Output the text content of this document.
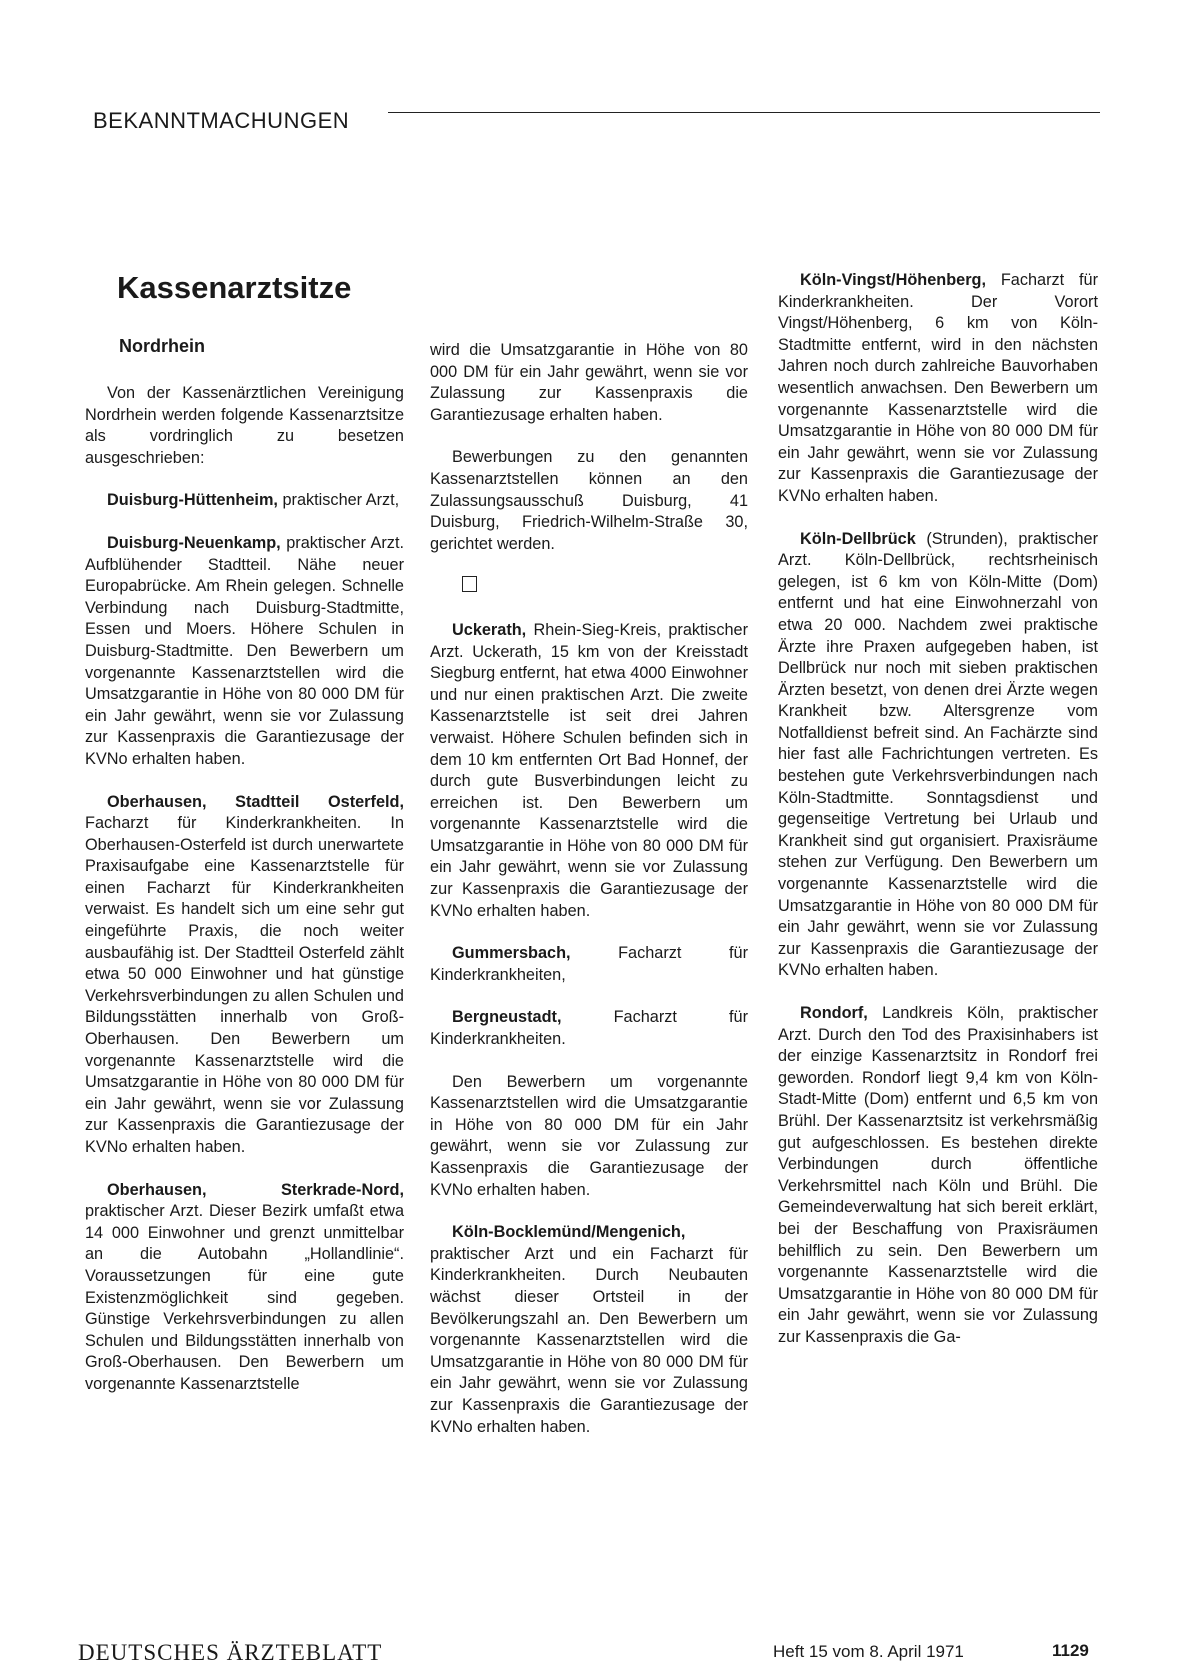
BEKANNTMACHUNGEN
Kassenarztsitze
Nordrhein

Von der Kassenärztlichen Vereinigung Nordrhein werden folgende Kassenarztsitze als vordringlich zu besetzen ausgeschrieben:

Duisburg-Hüttenheim, praktischer Arzt,

Duisburg-Neuenkamp, praktischer Arzt. Aufblühender Stadtteil. Nähe neuer Europabrücke. Am Rhein gelegen. Schnelle Verbindung nach Duisburg-Stadtmitte, Essen und Moers. Höhere Schulen in Duisburg-Stadtmitte. Den Bewerbern um vorgenannte Kassenarztstellen wird die Umsatzgarantie in Höhe von 80 000 DM für ein Jahr gewährt, wenn sie vor Zulassung zur Kassenpraxis die Garantiezusage der KVNo erhalten haben.

Oberhausen, Stadtteil Osterfeld, Facharzt für Kinderkrankheiten. In Oberhausen-Osterfeld ist durch unerwartete Praxisaufgabe eine Kassenarztstelle für einen Facharzt für Kinderkrankheiten verwaist. Es handelt sich um eine sehr gut eingeführte Praxis, die noch weiter ausbaufähig ist. Der Stadtteil Osterfeld zählt etwa 50 000 Einwohner und hat günstige Verkehrsverbindungen zu allen Schulen und Bildungsstätten innerhalb von Groß-Oberhausen. Den Bewerbern um vorgenannte Kassenarztstelle wird die Umsatzgarantie in Höhe von 80 000 DM für ein Jahr gewährt, wenn sie vor Zulassung zur Kassenpraxis die Garantiezusage der KVNo erhalten haben.

Oberhausen, Sterkrade-Nord, praktischer Arzt. Dieser Bezirk umfaßt etwa 14 000 Einwohner und grenzt unmittelbar an die Autobahn „Hollandlinie“. Voraussetzungen für eine gute Existenzmöglichkeit sind gegeben. Günstige Verkehrsverbindungen zu allen Schulen und Bildungsstätten innerhalb von Groß-Oberhausen. Den Bewerbern um vorgenannte Kassenarztstelle

wird die Umsatzgarantie in Höhe von 80 000 DM für ein Jahr gewährt, wenn sie vor Zulassung zur Kassenpraxis die Garantiezusage erhalten haben.

Bewerbungen zu den genannten Kassenarztstellen können an den Zulassungsausschuß Duisburg, 41 Duisburg, Friedrich-Wilhelm-Straße 30, gerichtet werden.

Uckerath, Rhein-Sieg-Kreis, praktischer Arzt. Uckerath, 15 km von der Kreisstadt Siegburg entfernt, hat etwa 4000 Einwohner und nur einen praktischen Arzt. Die zweite Kassenarztstelle ist seit drei Jahren verwaist. Höhere Schulen befinden sich in dem 10 km entfernten Ort Bad Honnef, der durch gute Busverbindungen leicht zu erreichen ist. Den Bewerbern um vorgenannte Kassenarztstelle wird die Umsatzgarantie in Höhe von 80 000 DM für ein Jahr gewährt, wenn sie vor Zulassung zur Kassenpraxis die Garantiezusage der KVNo erhalten haben.

Gummersbach, Facharzt für Kinderkrankheiten,

Bergneustadt, Facharzt für Kinderkrankheiten.

Den Bewerbern um vorgenannte Kassenarztstellen wird die Umsatzgarantie in Höhe von 80 000 DM für ein Jahr gewährt, wenn sie vor Zulassung zur Kassenpraxis die Garantiezusage der KVNo erhalten haben.

Köln-Bocklemünd/Mengenich, praktischer Arzt und ein Facharzt für Kinderkrankheiten. Durch Neubauten wächst dieser Ortsteil in der Bevölkerungszahl an. Den Bewerbern um vorgenannte Kassenarztstellen wird die Umsatzgarantie in Höhe von 80 000 DM für ein Jahr gewährt, wenn sie vor Zulassung zur Kassenpraxis die Garantiezusage der KVNo erhalten haben.

Köln-Vingst/Höhenberg, Facharzt für Kinderkrankheiten. Der Vorort Vingst/Höhenberg, 6 km von Köln-Stadtmitte entfernt, wird in den nächsten Jahren noch durch zahlreiche Bauvorhaben wesentlich anwachsen. Den Bewerbern um vorgenannte Kassenarztstelle wird die Umsatzgarantie in Höhe von 80 000 DM für ein Jahr gewährt, wenn sie vor Zulassung zur Kassenpraxis die Garantiezusage der KVNo erhalten haben.

Köln-Dellbrück (Strunden), praktischer Arzt. Köln-Dellbrück, rechtsrheinisch gelegen, ist 6 km von Köln-Mitte (Dom) entfernt und hat eine Einwohnerzahl von etwa 20 000. Nachdem zwei praktische Ärzte ihre Praxen aufgegeben haben, ist Dellbrück nur noch mit sieben praktischen Ärzten besetzt, von denen drei Ärzte wegen Krankheit bzw. Altersgrenze vom Notfalldienst befreit sind. An Fachärzte sind hier fast alle Fachrichtungen vertreten. Es bestehen gute Verkehrsverbindungen nach Köln-Stadtmitte. Sonntagsdienst und gegenseitige Vertretung bei Urlaub und Krankheit sind gut organisiert. Praxisräume stehen zur Verfügung. Den Bewerbern um vorgenannte Kassenarztstelle wird die Umsatzgarantie in Höhe von 80 000 DM für ein Jahr gewährt, wenn sie vor Zulassung zur Kassenpraxis die Garantiezusage der KVNo erhalten haben.

Rondorf, Landkreis Köln, praktischer Arzt. Durch den Tod des Praxisinhabers ist der einzige Kassenarztsitz in Rondorf frei geworden. Rondorf liegt 9,4 km von Köln-Stadt-Mitte (Dom) entfernt und 6,5 km von Brühl. Der Kassenarztsitz ist verkehrsmäßig gut aufgeschlossen. Es bestehen direkte Verbindungen durch öffentliche Verkehrsmittel nach Köln und Brühl. Die Gemeindeverwaltung hat sich bereit erklärt, bei der Beschaffung von Praxisräumen behilflich zu sein. Den Bewerbern um vorgenannte Kassenarztstelle wird die Umsatzgarantie in Höhe von 80 000 DM für ein Jahr gewährt, wenn sie vor Zulassung zur Kassenpraxis die Ga-

DEUTSCHES ÄRZTEBLATT	Heft 15 vom 8. April 1971	1129
